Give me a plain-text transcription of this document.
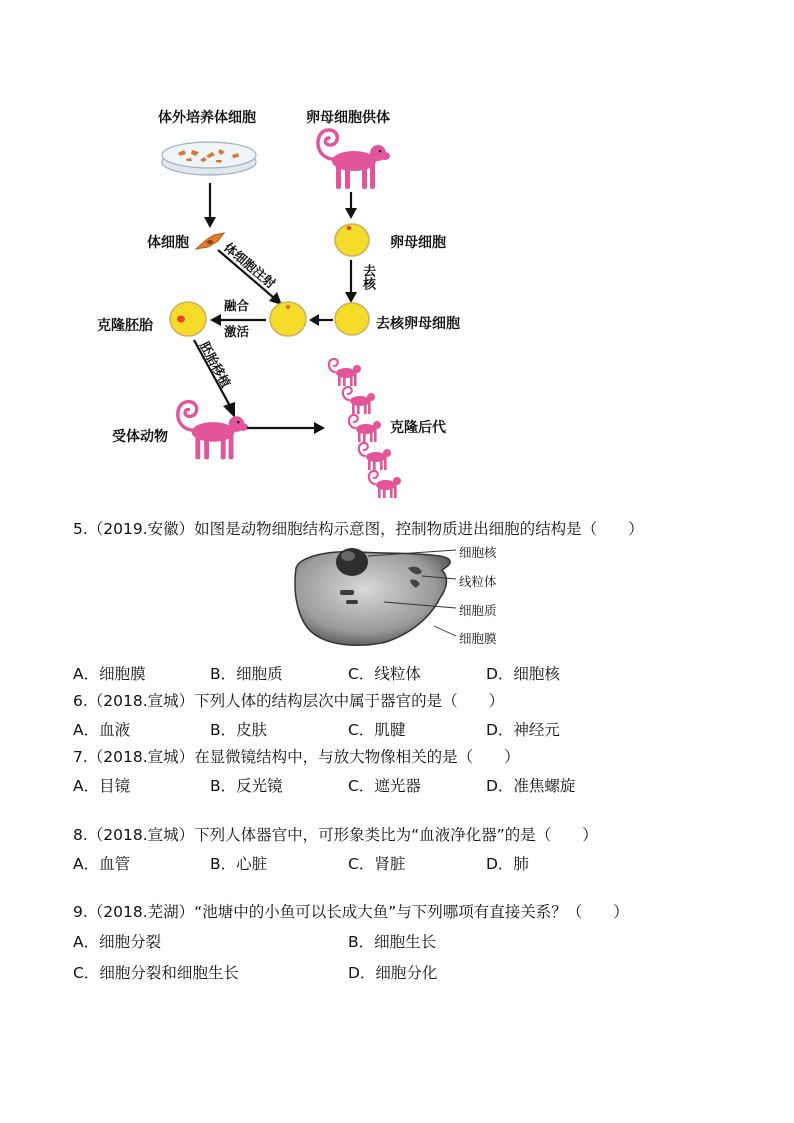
体外培养体细胞	卵母细胞供体
体细胞	卵母细胞
去核
体细胞注射
克隆胚胎
融合
激活	去核卵母细胞
胚胎移植
受体动物
克隆后代
5.（2019.安徽）如图是动物细胞结构示意图，控制物质进出细胞的结构是（　　）
细胞核
线粒体
细胞质
细胞膜
A．细胞膜	B．细胞质	C．线粒体	D．细胞核
6.（2018.宣城）下列人体的结构层次中属于器官的是（　　）
A．血液	B．皮肤	C．肌腱	D．神经元
7.（2018.宣城）在显微镜结构中，与放大物像相关的是（　　）
A．目镜	B．反光镜	C．遮光器	D．准焦螺旋
8.（2018.宣城）下列人体器官中，可形象类比为“血液净化器”的是（　　）
A．血管	B．心脏	C．肾脏	D．肺
9.（2018.芜湖）“池塘中的小鱼可以长成大鱼”与下列哪项有直接关系？（　　）
A．细胞分裂	B．细胞生长
C．细胞分裂和细胞生长	D．细胞分化
